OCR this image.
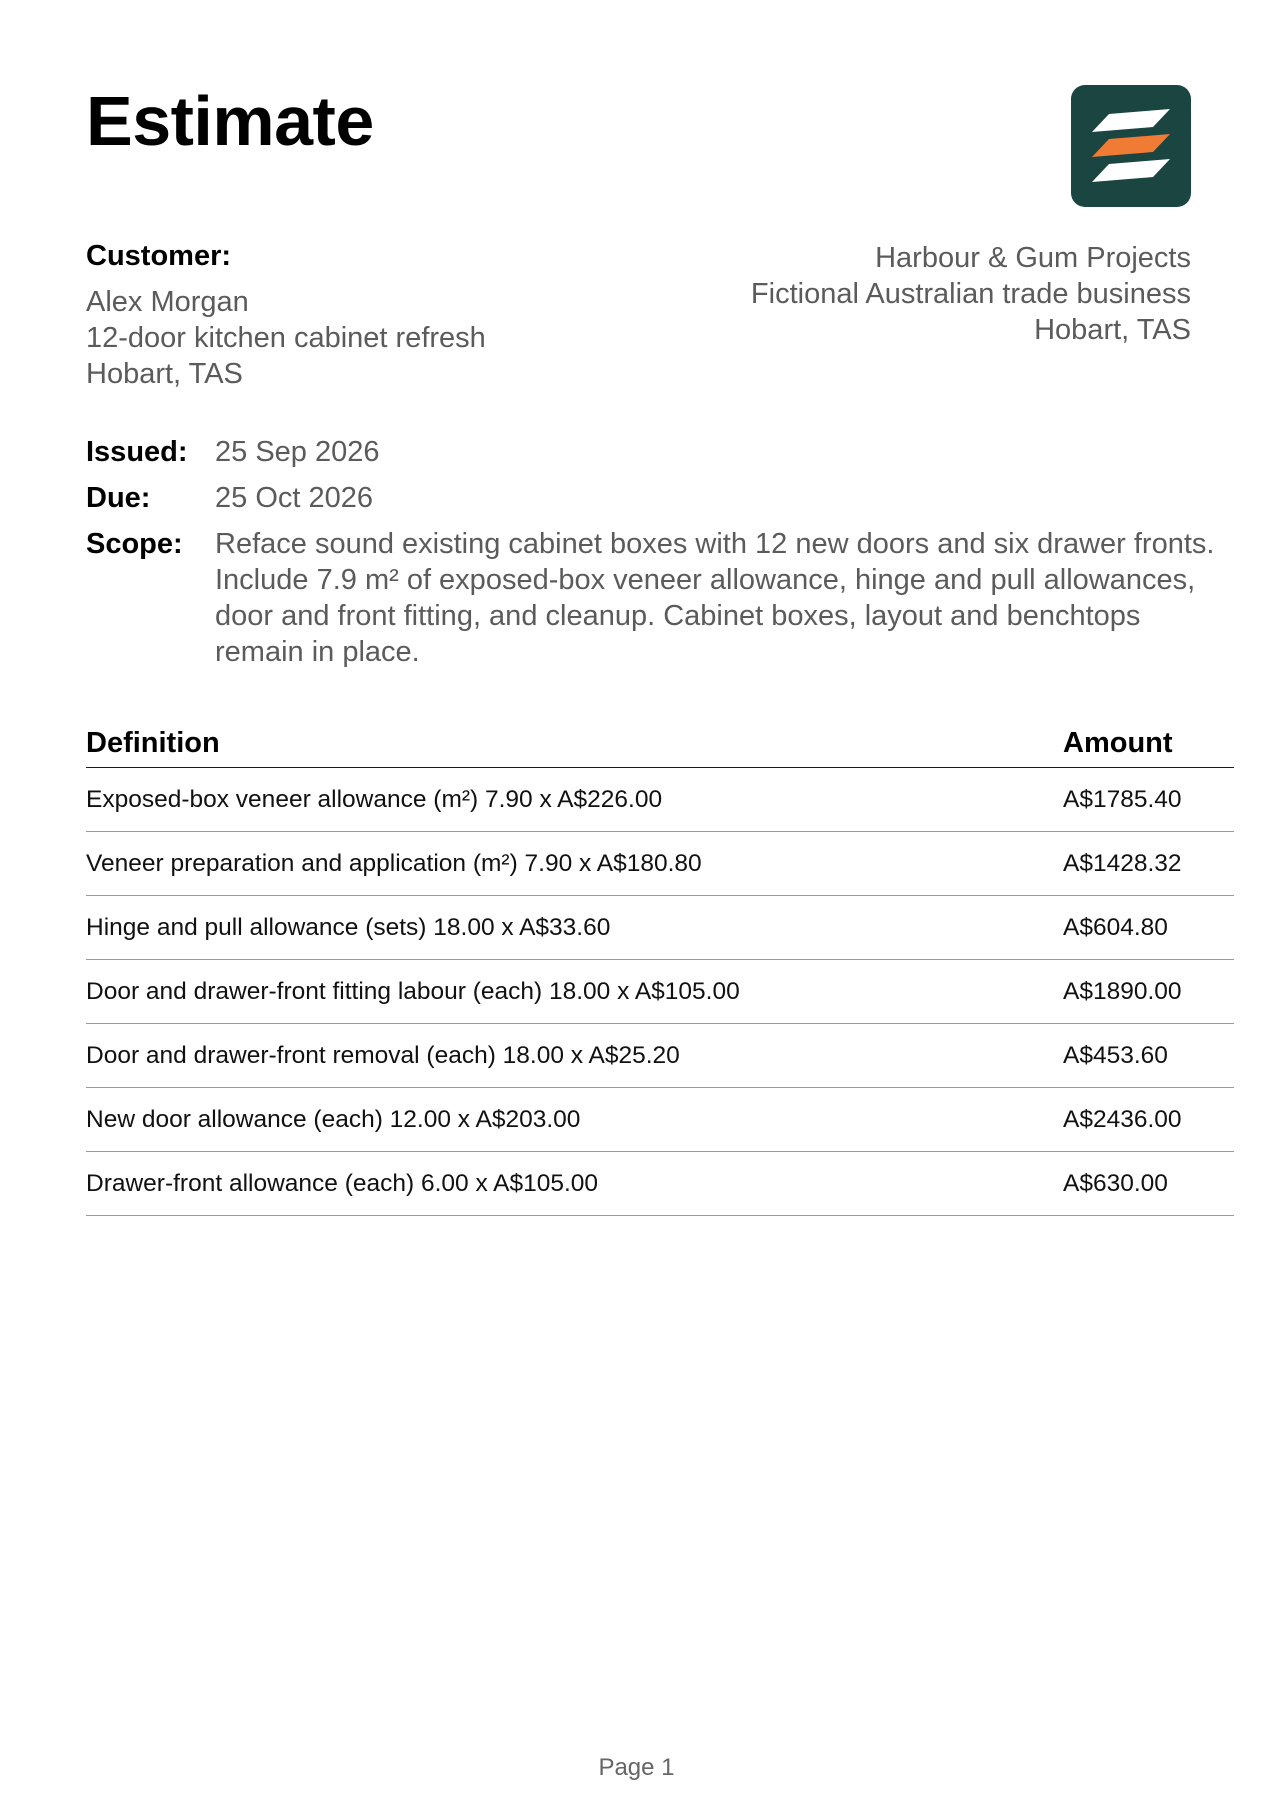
Estimate
Customer:
Alex Morgan
12-door kitchen cabinet refresh
Hobart, TAS
Harbour & Gum Projects
Fictional Australian trade business
Hobart, TAS
Issued: 25 Sep 2026
Due:	25 Oct 2026
Scope:	Reface sound existing cabinet boxes with 12 new doors and six drawer fronts. Include 7.9 m² of exposed-box veneer allowance, hinge and pull allowances, door and front fitting, and cleanup. Cabinet boxes, layout and benchtops remain in place.
Definition	Amount
Exposed-box veneer allowance (m²) 7.90 x A$226.00	A$1785.40
Veneer preparation and application (m²) 7.90 x A$180.80	A$1428.32
Hinge and pull allowance (sets) 18.00 x A$33.60	A$604.80
Door and drawer-front fitting labour (each) 18.00 x A$105.00	A$1890.00
Door and drawer-front removal (each) 18.00 x A$25.20	A$453.60
New door allowance (each) 12.00 x A$203.00	A$2436.00
Drawer-front allowance (each) 6.00 x A$105.00	A$630.00
Page 1
